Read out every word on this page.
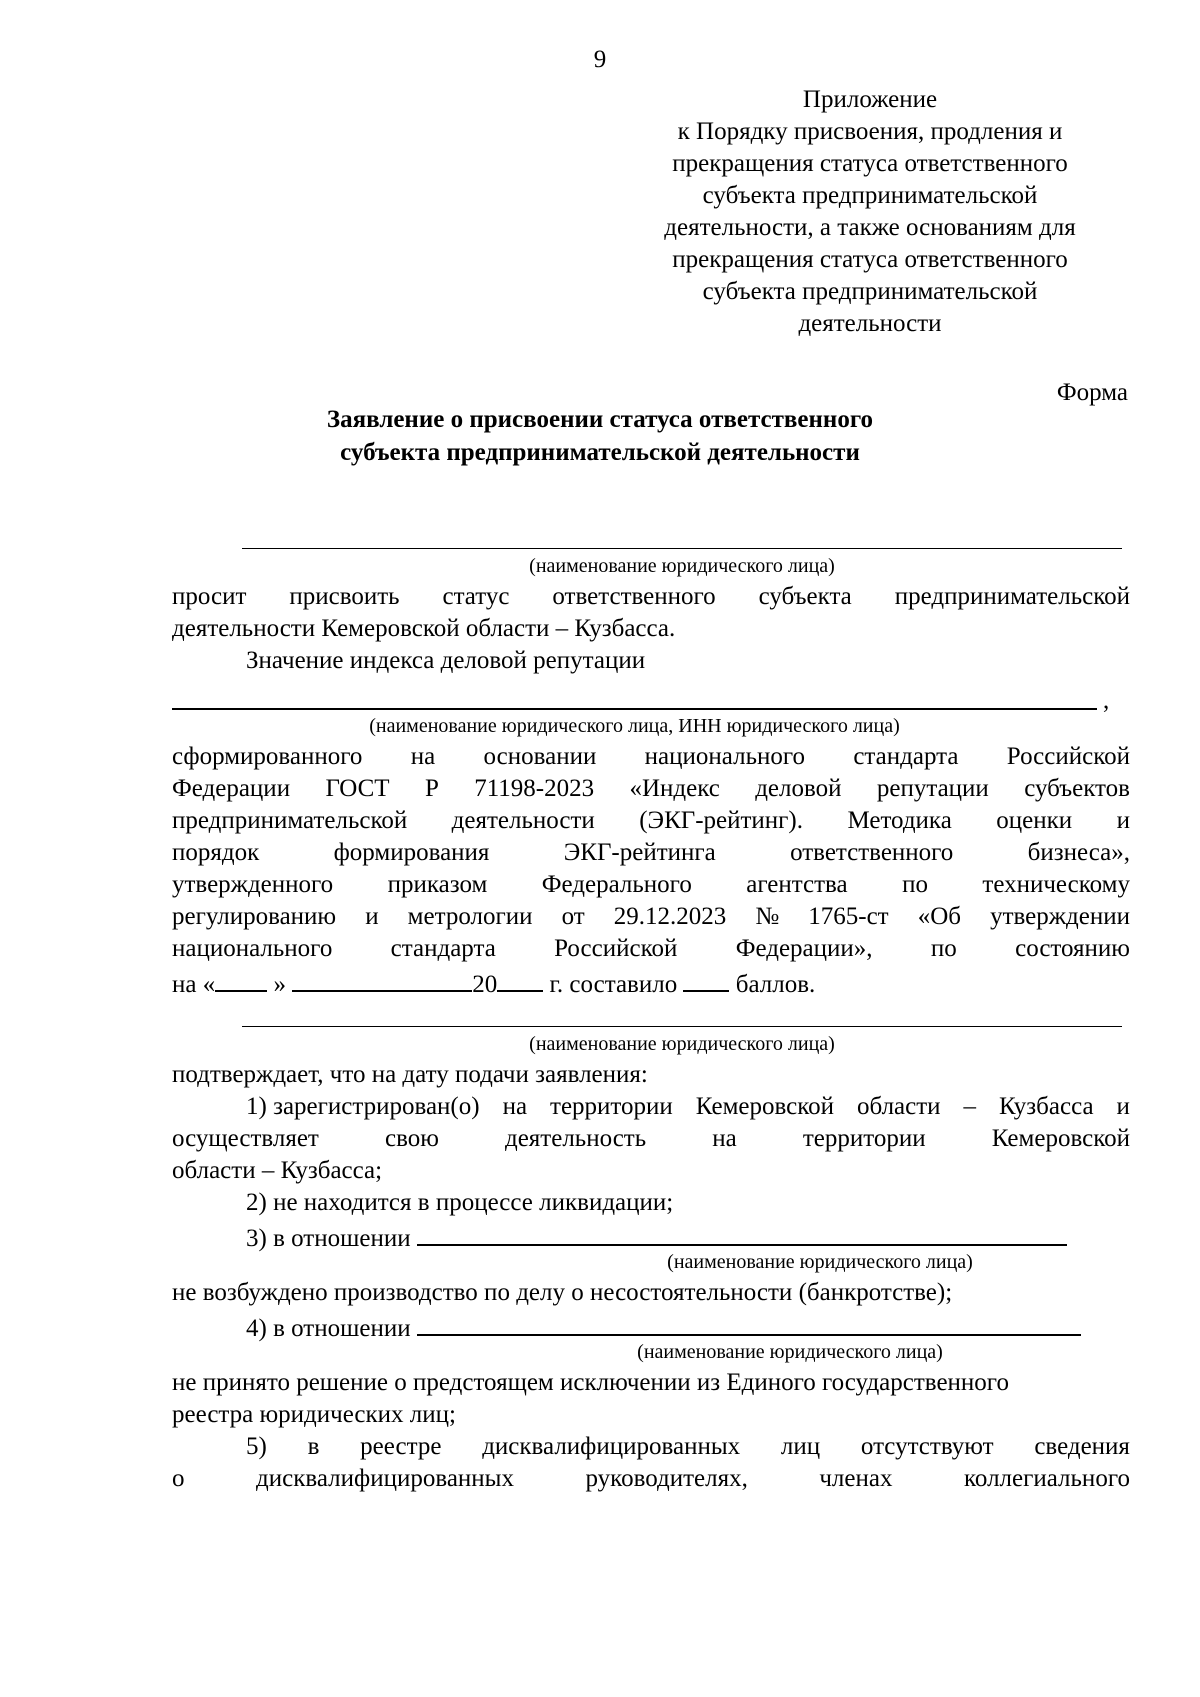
9
Приложение
к Порядку присвоения, продления и
прекращения статуса ответственного
субъекта предпринимательской
деятельности, а также основаниям для
прекращения статуса ответственного
субъекта предпринимательской
деятельности
Форма
Заявление о присвоении статуса ответственного
субъекта предпринимательской деятельности
(наименование юридического лица)
просит присвоить статус ответственного субъекта предпринимательской
деятельности Кемеровской области – Кузбасса.
Значение индекса деловой репутации
,
(наименование юридического лица, ИНН юридического лица)
сформированного на основании национального стандарта Российской
Федерации ГОСТ Р 71198-2023 «Индекс деловой репутации субъектов
предпринимательской деятельности (ЭКГ-рейтинг). Методика оценки и
порядок	формирования	ЭКГ-рейтинга	ответственного	бизнеса»,
утвержденного приказом Федерального агентства по техническому
регулированию и метрологии от 29.12.2023 № 1765-ст «Об утверждении
национального стандарта Российской Федерации», по состоянию
на « »	20 г. составило  баллов.
(наименование юридического лица)
подтверждает, что на дату подачи заявления:
1) зарегистрирован(о) на территории Кемеровской области – Кузбасса и
осуществляет	свою	деятельность	на	территории	Кемеровской
области – Кузбасса;
2) не находится в процессе ликвидации;
3) в отношении
(наименование юридического лица)
не возбуждено производство по делу о несостоятельности (банкротстве);
4) в отношении
(наименование юридического лица)
не принято решение о предстоящем исключении из Единого государственного
реестра юридических лиц;
5) в реестре дисквалифицированных лиц отсутствуют сведения
о	дисквалифицированных	руководителях,	членах	коллегиального
